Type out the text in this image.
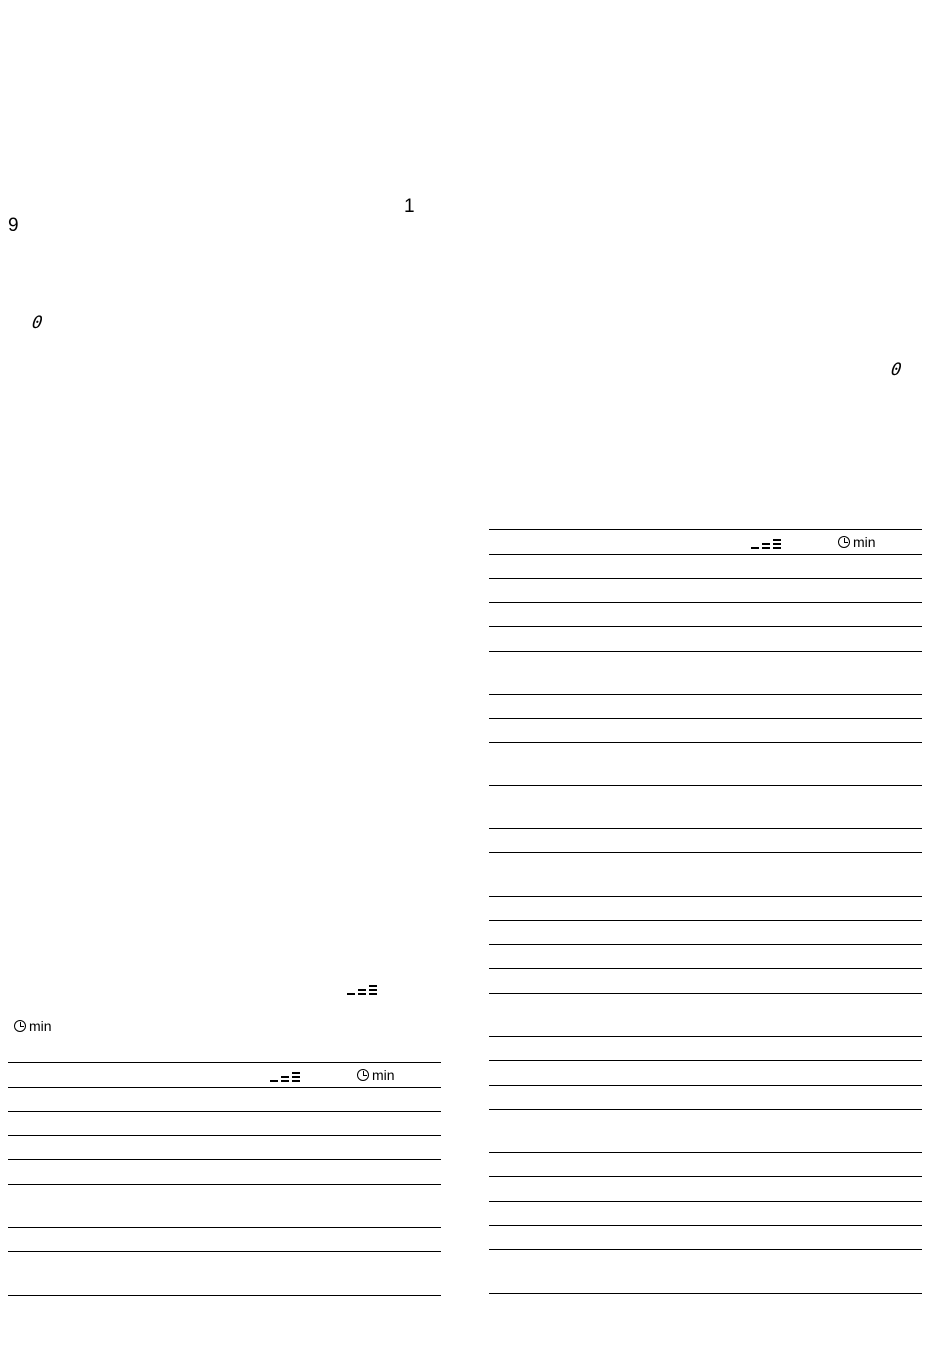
1
9
0
0
min
min
min
